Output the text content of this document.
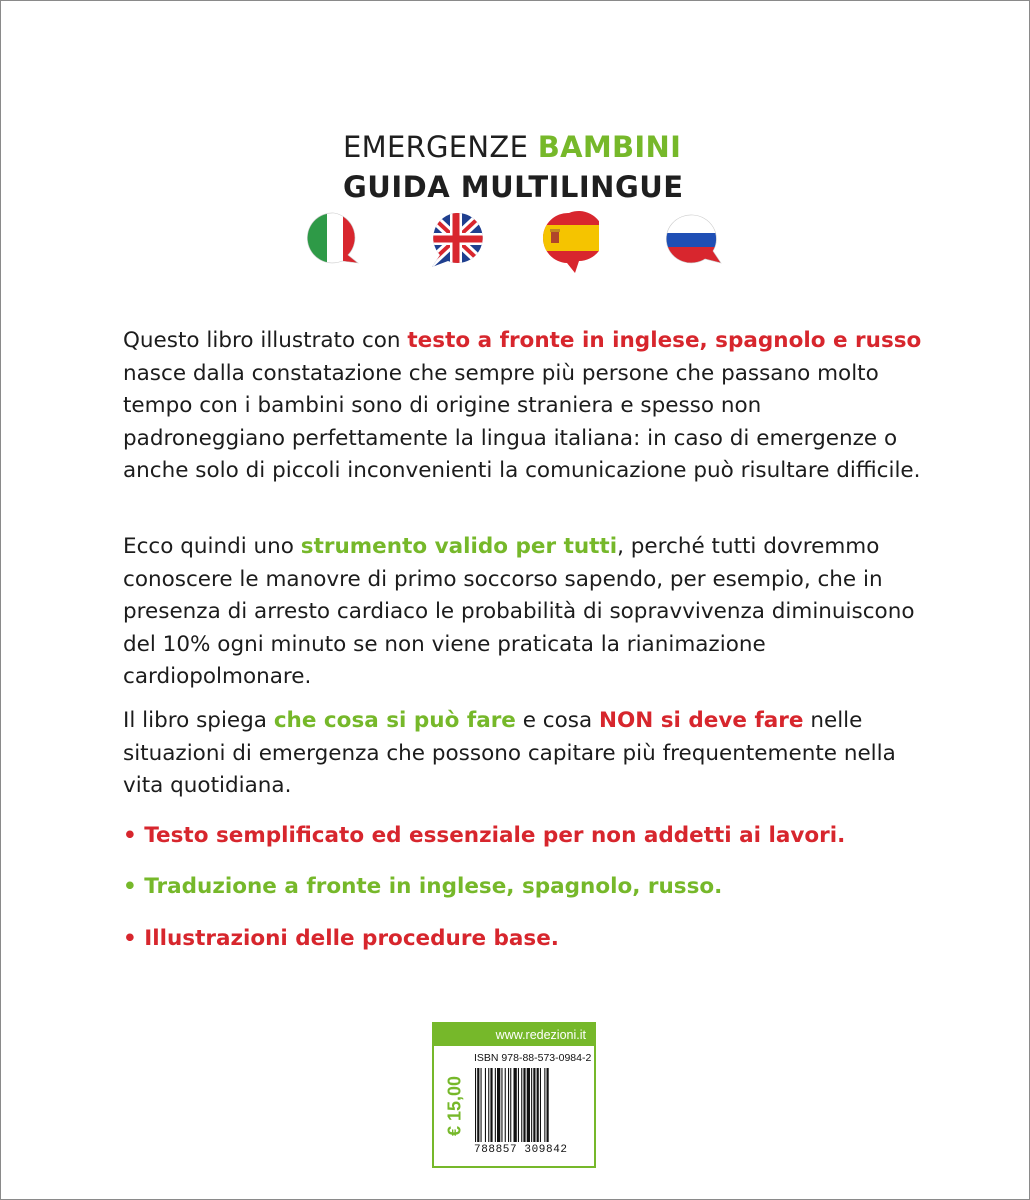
EMERGENZE BAMBINI
GUIDA MULTILINGUE

Questo libro illustrato con testo a fronte in inglese, spagnolo e russo nasce dalla constatazione che sempre più persone che passano molto tempo con i bambini sono di origine straniera e spesso non padroneggiano perfettamente la lingua italiana: in caso di emergenze o anche solo di piccoli inconvenienti la comunicazione può risultare difficile.

Ecco quindi uno strumento valido per tutti, perché tutti dovremmo conoscere le manovre di primo soccorso sapendo, per esempio, che in presenza di arresto cardiaco le probabilità di sopravvivenza diminuiscono del 10% ogni minuto se non viene praticata la rianimazione cardiopolmonare.

Il libro spiega che cosa si può fare e cosa NON si deve fare nelle situazioni di emergenza che possono capitare più frequentemente nella vita quotidiana.

• Testo semplificato ed essenziale per non addetti ai lavori.
• Traduzione a fronte in inglese, spagnolo, russo.
• Illustrazioni delle procedure base.
www.redezioni.it
€ 15,00
ISBN 978-88-573-0984-2
788857 309842
